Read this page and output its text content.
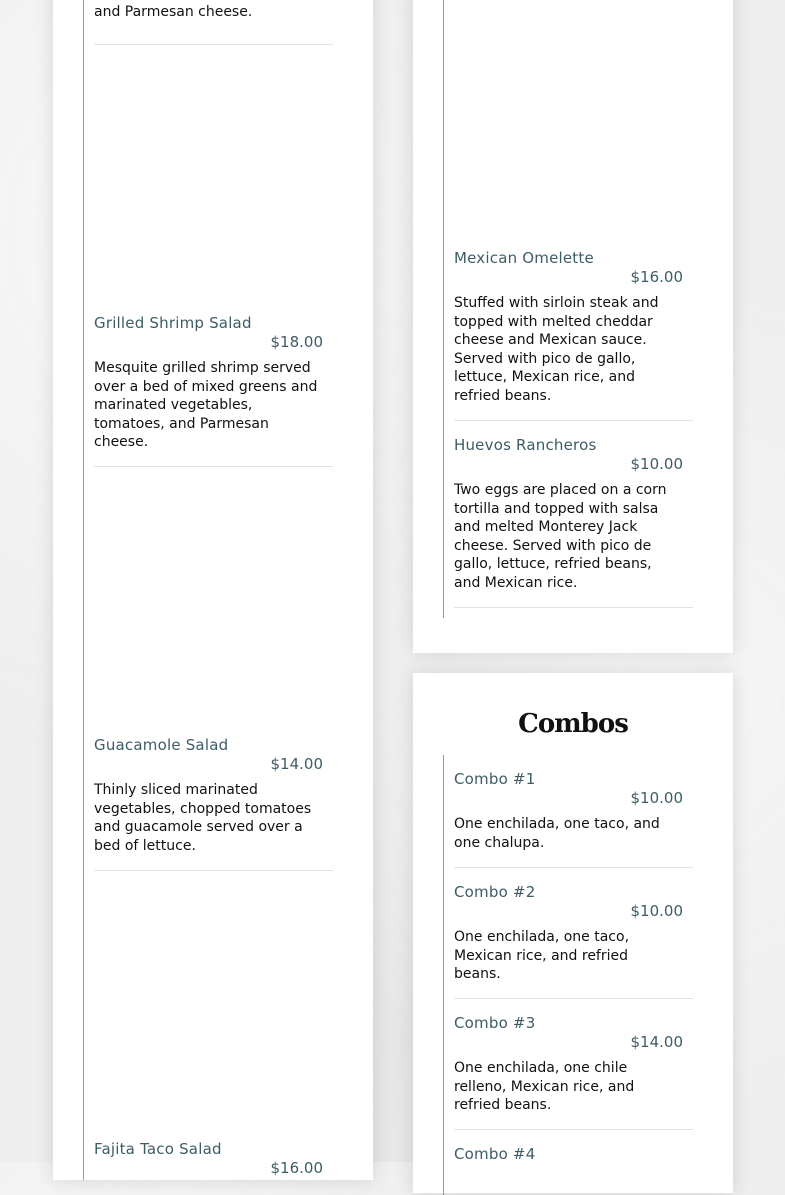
and Parmesan cheese.
Grilled Shrimp Salad
$18.00
Mesquite grilled shrimp served over a bed of mixed greens and marinated vegetables, tomatoes, and Parmesan cheese.
Guacamole Salad
$14.00
Thinly sliced marinated vegetables, chopped tomatoes and guacamole served over a bed of lettuce.
Fajita Taco Salad
$16.00
Mexican Omelette
$16.00
Stuffed with sirloin steak and topped with melted cheddar cheese and Mexican sauce. Served with pico de gallo, lettuce, Mexican rice, and refried beans.
Huevos Rancheros
$10.00
Two eggs are placed on a corn tortilla and topped with salsa and melted Monterey Jack cheese. Served with pico de gallo, lettuce, refried beans, and Mexican rice.
Combos
Combo #1
$10.00
One enchilada, one taco, and one chalupa.
Combo #2
$10.00
One enchilada, one taco, Mexican rice, and refried beans.
Combo #3
$14.00
One enchilada, one chile relleno, Mexican rice, and refried beans.
Combo #4
